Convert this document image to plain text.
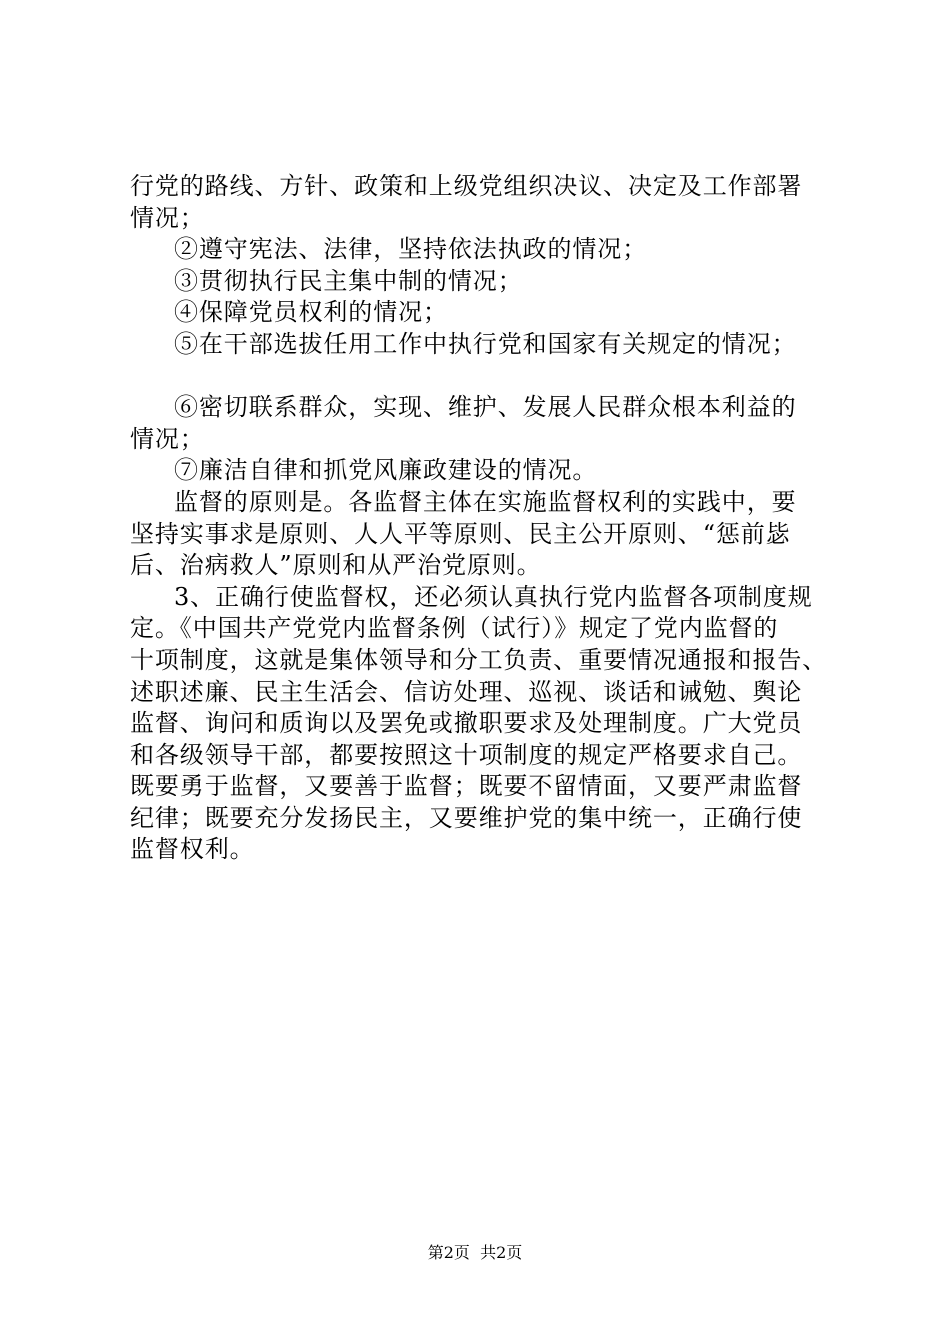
行党的路线、方针、政策和上级党组织决议、决定及工作部署
情况；
②遵守宪法、法律，坚持依法执政的情况；
③贯彻执行民主集中制的情况；
④保障党员权利的情况；
⑤在干部选拔任用工作中执行党和国家有关规定的情况；
⑥密切联系群众，实现、维护、发展人民群众根本利益的
情况；
⑦廉洁自律和抓党风廉政建设的情况。
监督的原则是。各监督主体在实施监督权利的实践中，要
坚持实事求是原则、人人平等原则、民主公开原则、“惩前毖
后、治病救人”原则和从严治党原则。
3、正确行使监督权，还必须认真执行党内监督各项制度规
定。《中国共产党党内监督条例（试行）》规定了党内监督的
十项制度，这就是集体领导和分工负责、重要情况通报和报告、
述职述廉、民主生活会、信访处理、巡视、谈话和诫勉、舆论
监督、询问和质询以及罢免或撤职要求及处理制度。广大党员
和各级领导干部，都要按照这十项制度的规定严格要求自己。
既要勇于监督，又要善于监督；既要不留情面，又要严肃监督
纪律；既要充分发扬民主，又要维护党的集中统一，正确行使
监督权利。
第2页  共2页
